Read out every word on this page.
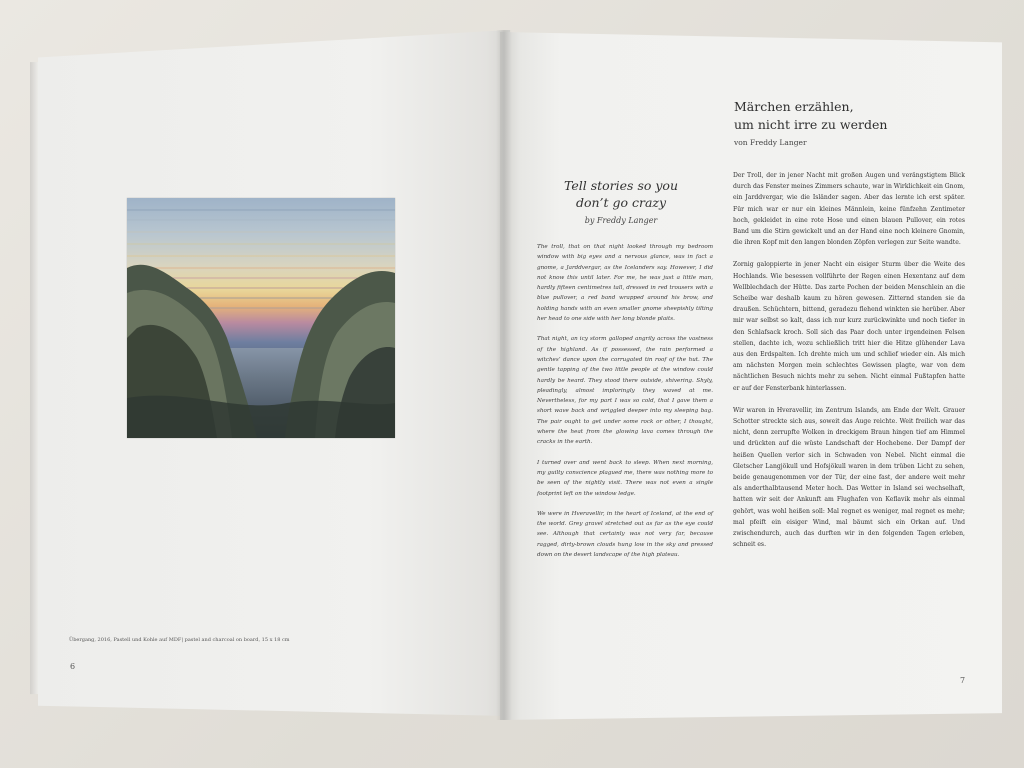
Übergang, 2016, Pastell und Kohle auf MDF| pastel and charcoal on board, 15 x 18 cm
6
Tell stories so you
don’t go crazy
by Freddy Langer

The troll, that on that night looked through my bedroom window with big eyes and a nervous glance, was in fact a gnome, a Jarddvergar, as the Icelanders say. However, I did not know this until later. For me, he was just a little man, hardly fifteen centimetres tall, dressed in red trousers with a blue pullover, a red band wrapped around his brow, and holding hands with an even smaller gnome sheepishly tilting her head to one side with her long blonde plaits.

That night, an icy storm galloped angrily across the vastness of the highland. As if possessed, the rain performed a witches’ dance upon the corrugated tin roof of the hut. The gentle tapping of the two little people at the window could hardly be heard. They stood there outside, shivering. Shyly, pleadingly, almost imploringly they waved at me. Nevertheless, for my part I was so cold, that I gave them a short wave back and wriggled deeper into my sleeping bag. The pair ought to get under some rock or other, I thought, where the heat from the glowing lava comes through the cracks in the earth.

I turned over and went back to sleep. When next morning, my guilty conscience plagued me, there was nothing more to be seen of the nightly visit. There was not even a single footprint left on the window ledge.

We were in Hveravellir, in the heart of Iceland, at the end of the world. Grey gravel stretched out as far as the eye could see. Although that certainly was not very far, because ragged, dirty-brown clouds hung low in the sky and pressed down on the desert landscape of the high plateau.

Märchen erzählen,
um nicht irre zu werden
von Freddy Langer

Der Troll, der in jener Nacht mit großen Augen und verängstigtem Blick durch das Fenster meines Zimmers schaute, war in Wirklichkeit ein Gnom, ein Jarddvergar, wie die Isländer sagen. Aber das lernte ich erst später. Für mich war er nur ein kleines Männlein, keine fünfzehn Zentimeter hoch, gekleidet in eine rote Hose und einen blauen Pullover, ein rotes Band um die Stirn gewickelt und an der Hand eine noch kleinere Gnomin, die ihren Kopf mit den langen blonden Zöpfen verlegen zur Seite wandte.

Zornig galoppierte in jener Nacht ein eisiger Sturm über die Weite des Hochlands. Wie besessen vollführte der Regen einen Hexentanz auf dem Wellblechdach der Hütte. Das zarte Pochen der beiden Menschlein an die Scheibe war deshalb kaum zu hören gewesen. Zitternd standen sie da draußen. Schüchtern, bittend, geradezu flehend winkten sie herüber. Aber mir war selbst so kalt, dass ich nur kurz zurückwinkte und noch tiefer in den Schlafsack kroch. Soll sich das Paar doch unter irgendeinen Felsen stellen, dachte ich, wozu schließlich tritt hier die Hitze glühender Lava aus den Erdspalten. Ich drehte mich um und schlief wieder ein. Als mich am nächsten Morgen mein schlechtes Gewissen plagte, war von dem nächtlichen Besuch nichts mehr zu sehen. Nicht einmal Fußtapfen hatte er auf der Fensterbank hinterlassen.

Wir waren in Hveravellir, im Zentrum Islands, am Ende der Welt. Grauer Schotter streckte sich aus, soweit das Auge reichte. Weit freilich war das nicht, denn zerrupfte Wolken in dreckigem Braun hingen tief am Himmel und drückten auf die wüste Landschaft der Hochebene. Der Dampf der heißen Quellen verlor sich in Schwaden von Nebel. Nicht einmal die Gletscher Langjökull und Hofsjökull waren in dem trüben Licht zu sehen, beide genaugenommen vor der Tür, der eine fast, der andere weit mehr als anderthalbtausend Meter hoch. Das Wetter in Island sei wechselhaft, hatten wir seit der Ankunft am Flughafen von Keflavik mehr als einmal gehört, was wohl heißen soll: Mal regnet es weniger, mal regnet es mehr; mal pfeift ein eisiger Wind, mal bäumt sich ein Orkan auf. Und zwischendurch, auch das durften wir in den folgenden Tagen erleben, schneit es.

7
